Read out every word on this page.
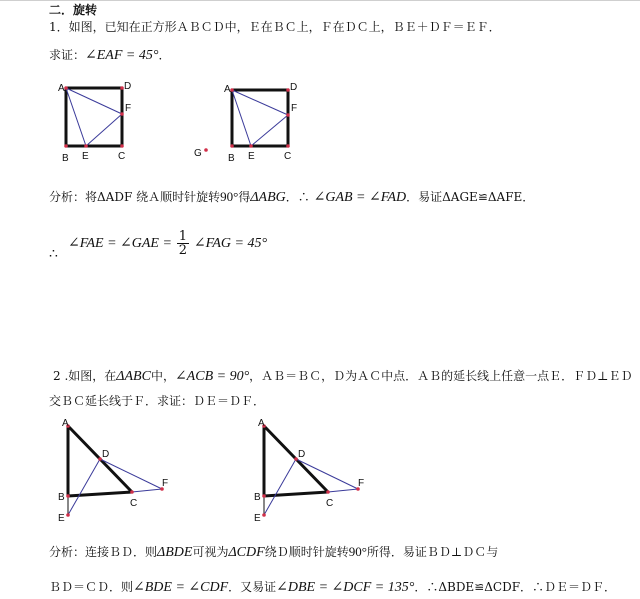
二．旋转
1．如图，已知在正方形ＡＢＣＤ中，Ｅ在ＢＣ上，Ｆ在ＤＣ上，ＢＥ＋ＤＦ＝ＥＦ．
求证：∠EAF = 45°．
A	D
F
B E	C
A	D
F
G	B E	C
分析：将ΔADF 绕Ａ顺时针旋转90°得ΔABG．∴ ∠GAB = ∠FAD．易证ΔAGE≌ΔAFE．
∠FAE = ∠GAE = $\frac{1}{2}$ ∠FAG = 45°
∴
2 .如图，在ΔABC中，∠ACB = 90°，ＡＢ＝ＢＣ，Ｄ为ＡＣ中点．ＡＢ的延长线上任意一点Ｅ．ＦＤ⊥ＥＤ
交ＢＣ延长线于Ｆ．求证：ＤＥ＝ＤＦ．
A
D
F
B
C
E
A
D
F
B
C
E
分析：连接ＢＤ．则ΔBDE可视为ΔCDF绕Ｄ顺时针旋转90°所得．易证ＢＤ⊥ＤＣ与
ＢＤ＝ＣＤ．则∠BDE = ∠CDF．又易证∠DBE = ∠DCF = 135°．∴ΔBDE≌ΔCDF．∴ＤＥ＝ＤＦ．
